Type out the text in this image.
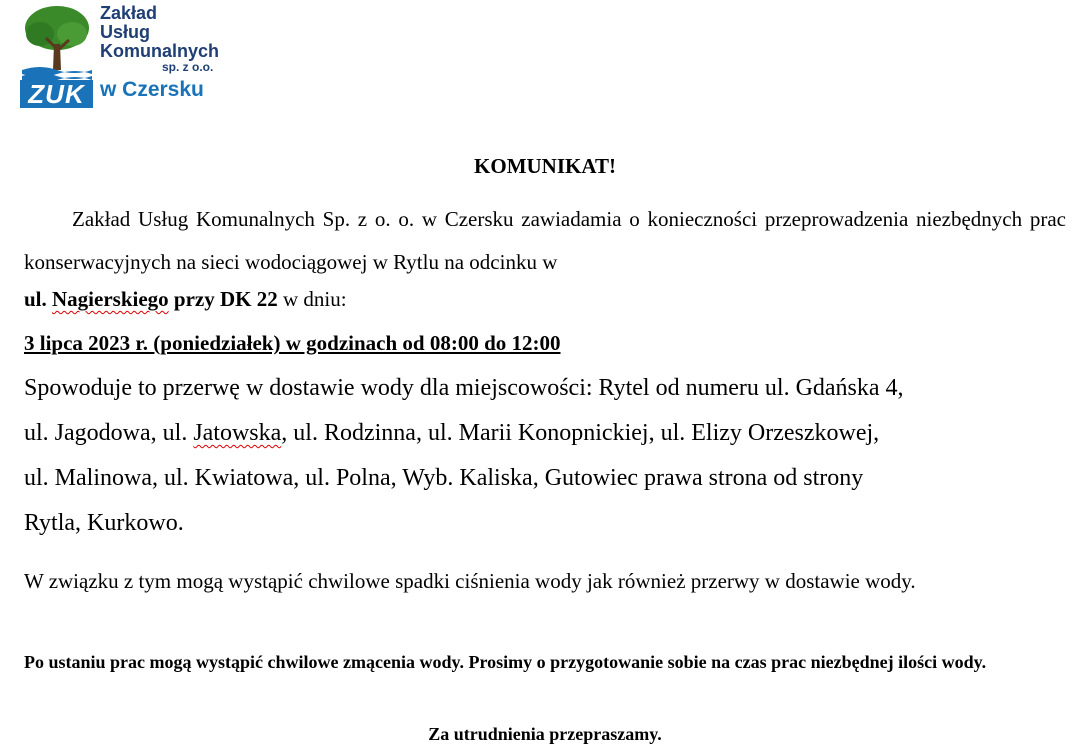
ZUK
Zakład
Usług
Komunalnych
sp. z o.o.
w Czersku
KOMUNIKAT!
Zakład Usług Komunalnych Sp. z o. o. w Czersku zawiadamia o konieczności przeprowadzenia niezbędnych prac konserwacyjnych na sieci wodociągowej w Rytlu na odcinku w
ul. Nagierskiego przy DK 22 w dniu:
3 lipca 2023 r. (poniedziałek) w godzinach od 08:00 do 12:00
Spowoduje to przerwę w dostawie wody dla miejscowości: Rytel od numeru ul. Gdańska 4,
ul. Jagodowa, ul. Jatowska, ul. Rodzinna, ul. Marii Konopnickiej, ul. Elizy Orzeszkowej,
ul. Malinowa, ul. Kwiatowa, ul. Polna, Wyb. Kaliska, Gutowiec prawa strona od strony
Rytla, Kurkowo.
W związku z tym mogą wystąpić chwilowe spadki ciśnienia wody jak również przerwy w dostawie wody.
Po ustaniu prac mogą wystąpić chwilowe zmącenia wody. Prosimy o przygotowanie sobie na czas prac niezbędnej ilości wody.
Za utrudnienia przepraszamy.
